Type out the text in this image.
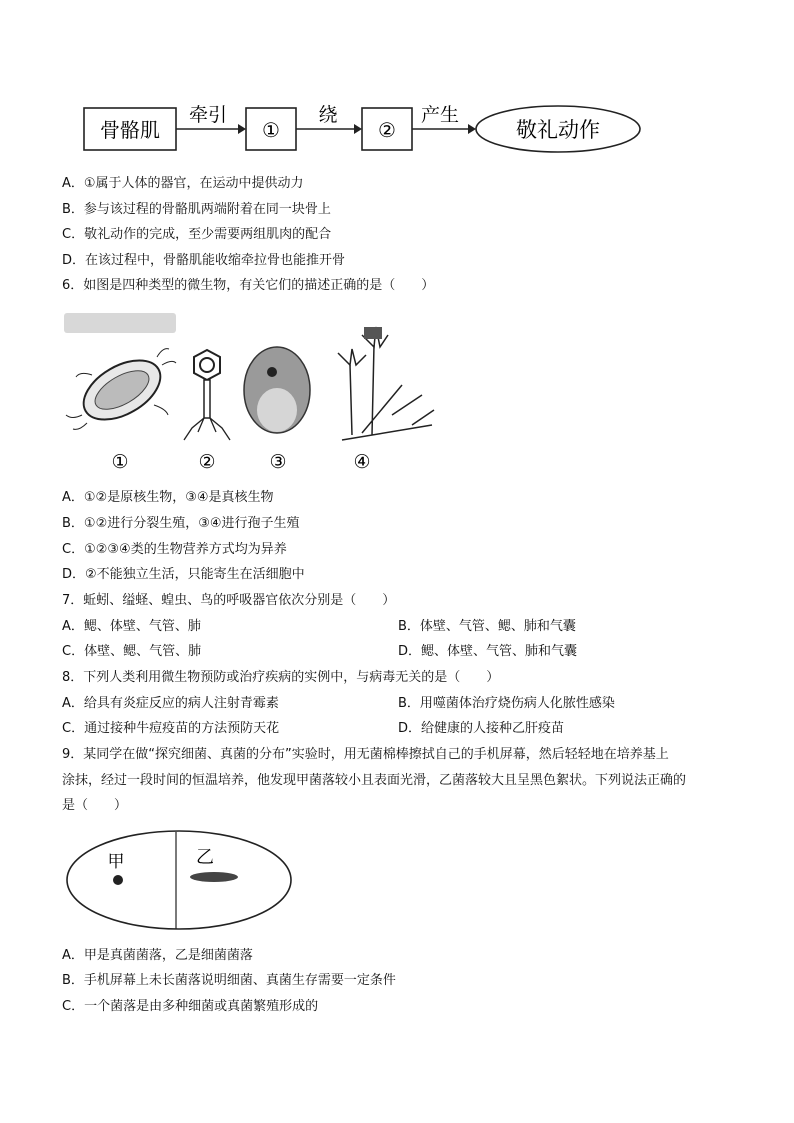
骨骼肌
牵引
①
绕
②
产生
敬礼动作
A．①属于人体的器官，在运动中提供动力
B．参与该过程的骨骼肌两端附着在同一块骨上
C．敬礼动作的完成，至少需要两组肌肉的配合
D．在该过程中，骨骼肌能收缩牵拉骨也能推开骨
6．如图是四种类型的微生物，有关它们的描述正确的是（　　）
①	②	③	④
A．①②是原核生物，③④是真核生物
B．①②进行分裂生殖，③④进行孢子生殖
C．①②③④类的生物营养方式均为异养
D．②不能独立生活，只能寄生在活细胞中
7．蚯蚓、缢蛏、蝗虫、鸟的呼吸器官依次分别是（　　）
A．鳃、体壁、气管、肺	B．体壁、气管、鳃、肺和气囊
C．体壁、鳃、气管、肺	D．鳃、体壁、气管、肺和气囊
8．下列人类利用微生物预防或治疗疾病的实例中，与病毒无关的是（　　）
A．给具有炎症反应的病人注射青霉素	B．用噬菌体治疗烧伤病人化脓性感染
C．通过接种牛痘疫苗的方法预防天花	D．给健康的人接种乙肝疫苗
9．某同学在做“探究细菌、真菌的分布”实验时，用无菌棉棒擦拭自己的手机屏幕，然后轻轻地在培养基上
涂抹，经过一段时间的恒温培养，他发现甲菌落较小且表面光滑，乙菌落较大且呈黑色絮状。下列说法正确的
是（　　）
甲	乙
A．甲是真菌菌落，乙是细菌菌落
B．手机屏幕上未长菌落说明细菌、真菌生存需要一定条件
C．一个菌落是由多种细菌或真菌繁殖形成的
